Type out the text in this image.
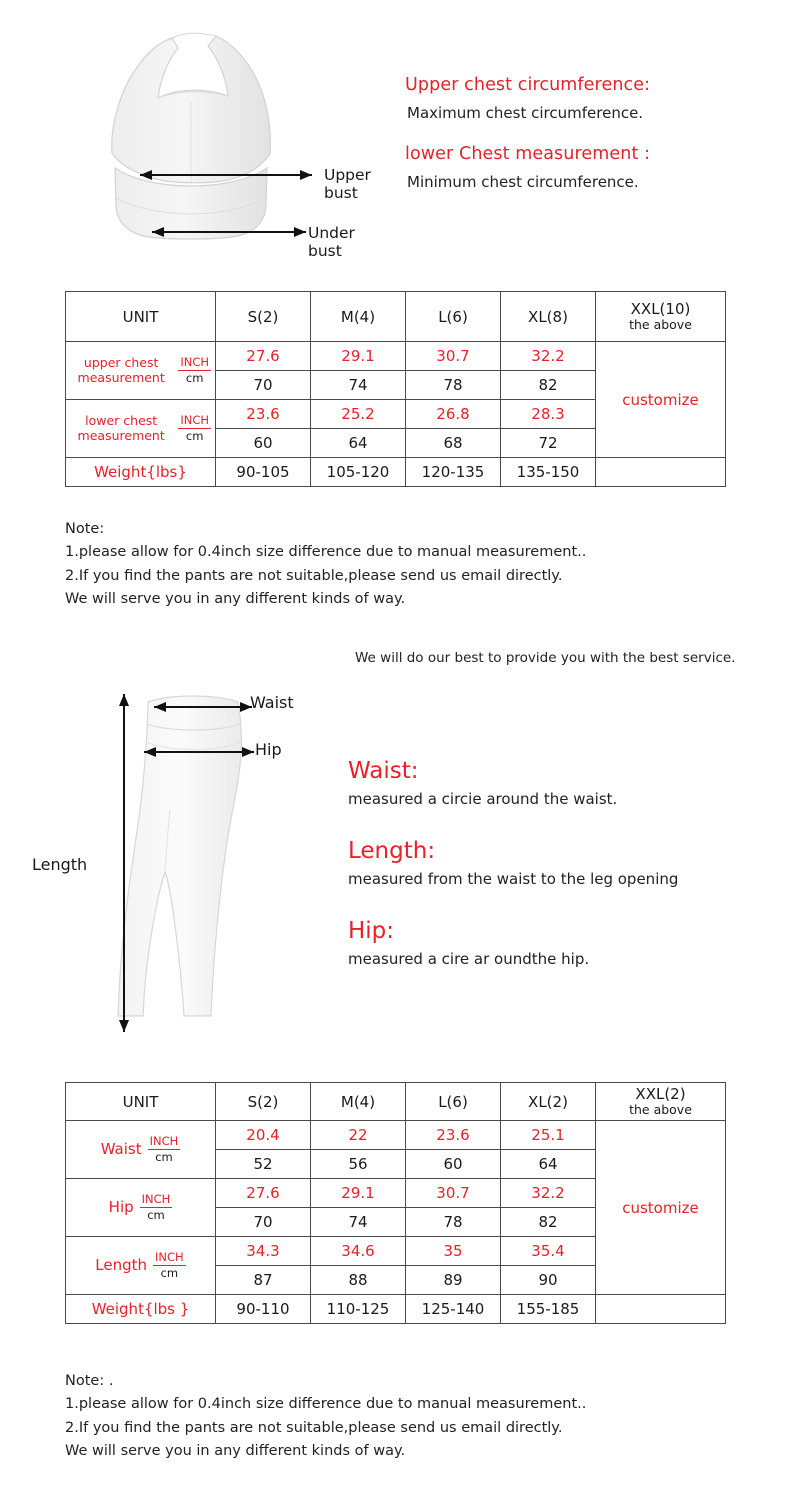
Upper bust
Under bust

Upper chest circumference:

Maximum chest circumference.

lower Chest measurement :

Minimum chest circumference.

UNIT	S(2)	M(4)	L(6)	XL(8)	XXL(10)
the above

upper chest measurement
INCH
cm	27.6	29.1	30.7	32.2	customize
	70	74	78	82	

lower chest measurement
INCH
cm	23.6	25.2	26.8	28.3	
	60	64	68	72	
Weight{lbs}	90-105	105-120	120-135	135-150	
Note:
1.please allow for 0.4inch size difference due to manual measurement..
2.If you find the pants are not suitable,please send us email directly.
We will serve you in any different kinds of way.
We will do our best to provide you with the best service.
Waist
Hip
Length

Waist:

measured a circie around the waist.

Length:

measured from the waist to the leg opening

Hip:

measured a cire ar oundthe hip.

UNIT	S(2)	M(4)	L(6)	XL(2)	XXL(2)
the above

Waist INCH
cm	20.4	22	23.6	25.1	customize
	52	56	60	64	

Hip INCH
cm	27.6	29.1	30.7	32.2	
	70	74	78	82	

Length INCH
cm	34.3	34.6	35	35.4	
	87	88	89	90	
Weight{lbs }	90-110	110-125	125-140	155-185	
Note: .
1.please allow for 0.4inch size difference due to manual measurement..
2.If you find the pants are not suitable,please send us email directly.
We will serve you in any different kinds of way.
